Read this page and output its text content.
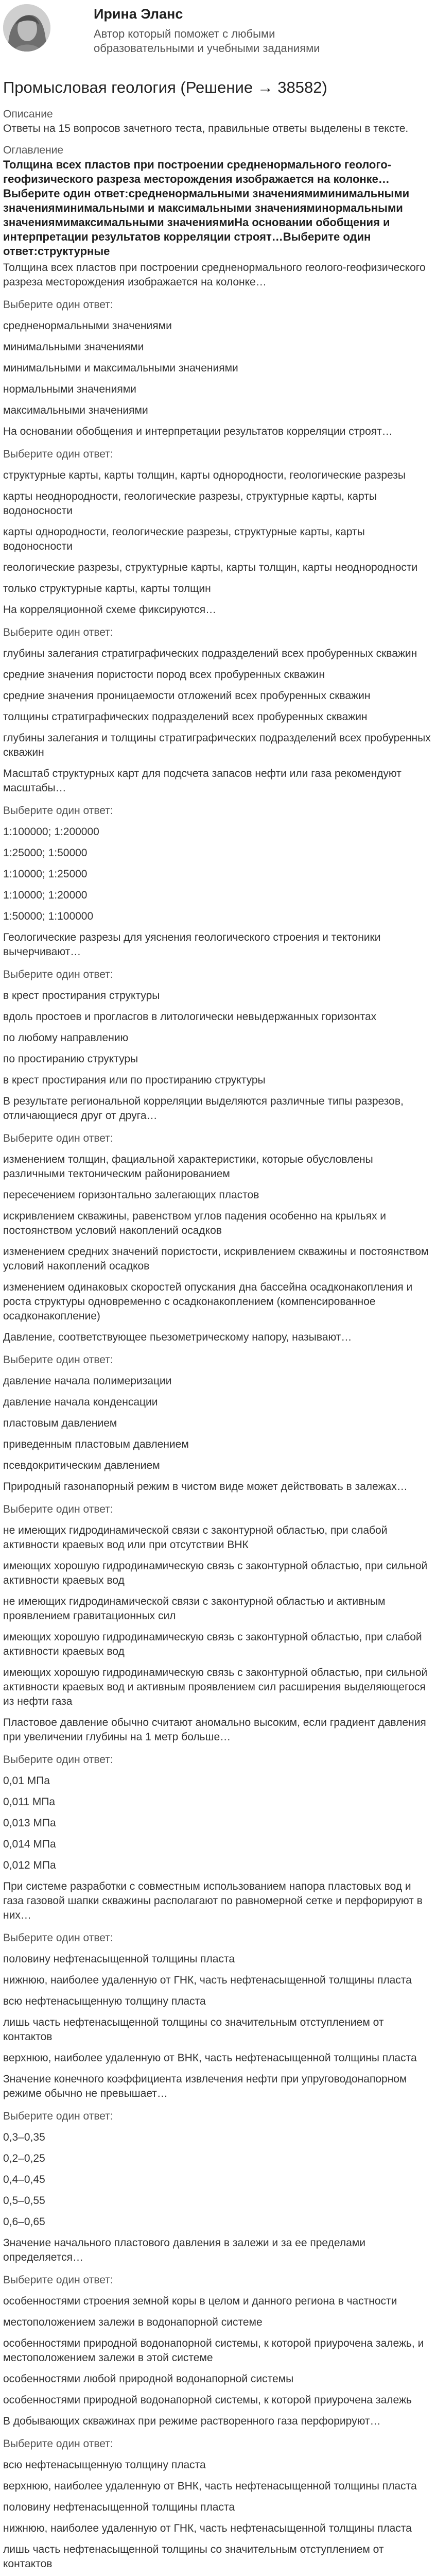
Ирина Эланс
Автор который поможет с любыми образовательными и учебными заданиями
Промысловая геология (Решение → 38582)
Описание
Ответы на 15 вопросов зачетного теста, правильные ответы выделены в тексте.
Оглавление
Толщина всех пластов при построении средненормального геолого-геофизического разреза месторождения изображается на колонке…Выберите один ответ:средненормальными значениямиминимальными значенияминимальными и максимальными значенияминормальными значениямимаксимальными значениямиНа основании обобщения и интерпретации результатов корреляции строят…Выберите один ответ:структурные
Толщина всех пластов при построении средненормального геолого-геофизического разреза месторождения изображается на колонке…
Выберите один ответ:
средненормальными значениями
минимальными значениями
минимальными и максимальными значениями
нормальными значениями
максимальными значениями
На основании обобщения и интерпретации результатов корреляции строят…
Выберите один ответ:
структурные карты, карты толщин, карты однородности, геологические разрезы
карты неоднородности, геологические разрезы, структурные карты, карты водоносности
карты однородности, геологические разрезы, структурные карты, карты водоносности
геологические разрезы, структурные карты, карты толщин, карты неоднородности
только структурные карты, карты толщин
На корреляционной схеме фиксируются…
Выберите один ответ:
глубины залегания стратиграфических подразделений всех пробуренных скважин
средние значения пористости пород всех пробуренных скважин
средние значения проницаемости отложений всех пробуренных скважин
толщины стратиграфических подразделений всех пробуренных скважин
глубины залегания и толщины стратиграфических подразделений всех пробуренных скважин
Масштаб структурных карт для подсчета запасов нефти или газа рекомендуют масштабы…
Выберите один ответ:
1:100000; 1:200000
1:25000; 1:50000
1:10000; 1:25000
1:10000; 1:20000
1:50000; 1:100000
Геологические разрезы для уяснения геологического строения и тектоники вычерчивают…
Выберите один ответ:
в крест простирания структуры
вдоль простоев и прогласгов в литологически невыдержанных горизонтах
по любому направлению
по простиранию структуры
в крест простирания или по простиранию структуры
В результате региональной корреляции выделяются различные типы разрезов, отличающиеся друг от друга…
Выберите один ответ:
изменением толщин, фациальной характеристики, которые обусловлены различными тектоническим районированием
пересечением горизонтально залегающих пластов
искривлением скважины, равенством углов падения особенно на крыльях и постоянством условий накоплений осадков
изменением средних значений пористости, искривлением скважины и постоянством условий накоплений осадков
изменением одинаковых скоростей опускания дна бассейна осадконакопления и роста структуры одновременно с осадконакоплением (компенсированное осадконакопление)
Давление, соответствующее пьезометрическому напору, называют…
Выберите один ответ:
давление начала полимеризации
давление начала конденсации
пластовым давлением
приведенным пластовым давлением
псевдокритическим давлением
Природный газонапорный режим в чистом виде может действовать в залежах…
Выберите один ответ:
не имеющих гидродинамической связи с законтурной областью, при слабой активности краевых вод или при отсутствии ВНК
имеющих хорошую гидродинамическую связь с законтурной областью, при сильной активности краевых вод
не имеющих гидродинамической связи с законтурной областью и активным проявлением гравитационных сил
имеющих хорошую гидродинамическую связь с законтурной областью, при слабой активности краевых вод
имеющих хорошую гидродинамическую связь с законтурной областью, при сильной активности краевых вод и активным проявлением сил расширения выделяющегося из нефти газа
Пластовое давление обычно считают аномально высоким, если градиент давления при увеличении глубины на 1 метр больше…
Выберите один ответ:
0,01 МПа
0,011 МПа
0,013 МПа
0,014 МПа
0,012 МПа
При системе разработки с совместным использованием напора пластовых вод и газа газовой шапки скважины располагают по равномерной сетке и перфорируют в них…
Выберите один ответ:
половину нефтенасыщенной толщины пласта
нижнюю, наиболее удаленную от ГНК, часть нефтенасыщенной толщины пласта
всю нефтенасыщенную толщину пласта
лишь часть нефтенасыщенной толщины со значительным отступлением от контактов
верхнюю, наиболее удаленную от ВНК, часть нефтенасыщенной толщины пласта
Значение конечного коэффициента извлечения нефти при упруговодонапорном режиме обычно не превышает…
Выберите один ответ:
0,3–0,35
0,2–0,25
0,4–0,45
0,5–0,55
0,6–0,65
Значение начального пластового давления в залежи и за ее пределами определяется…
Выберите один ответ:
особенностями строения земной коры в целом и данного региона в частности
местоположением залежи в водонапорной системе
особенностями природной водонапорной системы, к которой приурочена залежь, и местоположением залежи в этой системе
особенностями любой природной водонапорной системы
особенностями природной водонапорной системы, к которой приурочена залежь
В добывающих скважинах при режиме растворенного газа перфорируют…
Выберите один ответ:
всю нефтенасыщенную толщину пласта
верхнюю, наиболее удаленную от ВНК, часть нефтенасыщенной толщины пласта
половину нефтенасыщенной толщины пласта
нижнюю, наиболее удаленную от ГНК, часть нефтенасыщенной толщины пласта
лишь часть нефтенасыщенной толщины со значительным отступлением от контактов
